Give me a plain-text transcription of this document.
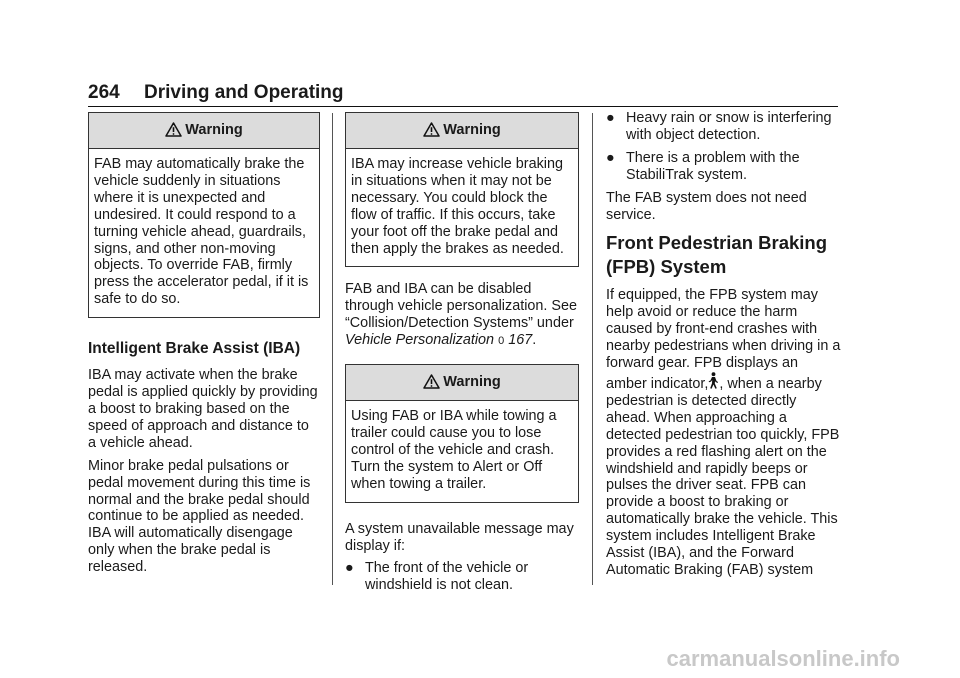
264 Driving and Operating
Warning
FAB may automatically brake the vehicle suddenly in situations where it is unexpected and undesired. It could respond to a turning vehicle ahead, guardrails, signs, and other non-moving objects. To override FAB, firmly press the accelerator pedal, if it is safe to do so.
Intelligent Brake Assist (IBA)

IBA may activate when the brake pedal is applied quickly by providing a boost to braking based on the speed of approach and distance to a vehicle ahead.

Minor brake pedal pulsations or pedal movement during this time is normal and the brake pedal should continue to be applied as needed. IBA will automatically disengage only when the brake pedal is released.

Warning
IBA may increase vehicle braking in situations when it may not be necessary. You could block the flow of traffic. If this occurs, take your foot off the brake pedal and then apply the brakes as needed.

FAB and IBA can be disabled through vehicle personalization. See “Collision/Detection Systems” under Vehicle Personalization 0 167.

Warning
Using FAB or IBA while towing a trailer could cause you to lose control of the vehicle and crash. Turn the system to Alert or Off when towing a trailer.

A system unavailable message may display if:

● The front of the vehicle or windshield is not clean.
● Heavy rain or snow is interfering with object detection.
● There is a problem with the StabiliTrak system.

The FAB system does not need service.

Front Pedestrian Braking (FPB) System

If equipped, the FPB system may help avoid or reduce the harm caused by front-end crashes with nearby pedestrians when driving in a forward gear. FPB displays an amber indicator, , when a nearby pedestrian is detected directly ahead. When approaching a detected pedestrian too quickly, FPB provides a red flashing alert on the windshield and rapidly beeps or pulses the driver seat. FPB can provide a boost to braking or automatically brake the vehicle. This system includes Intelligent Brake Assist (IBA), and the Forward Automatic Braking (FAB) system

carmanualsonline.info
